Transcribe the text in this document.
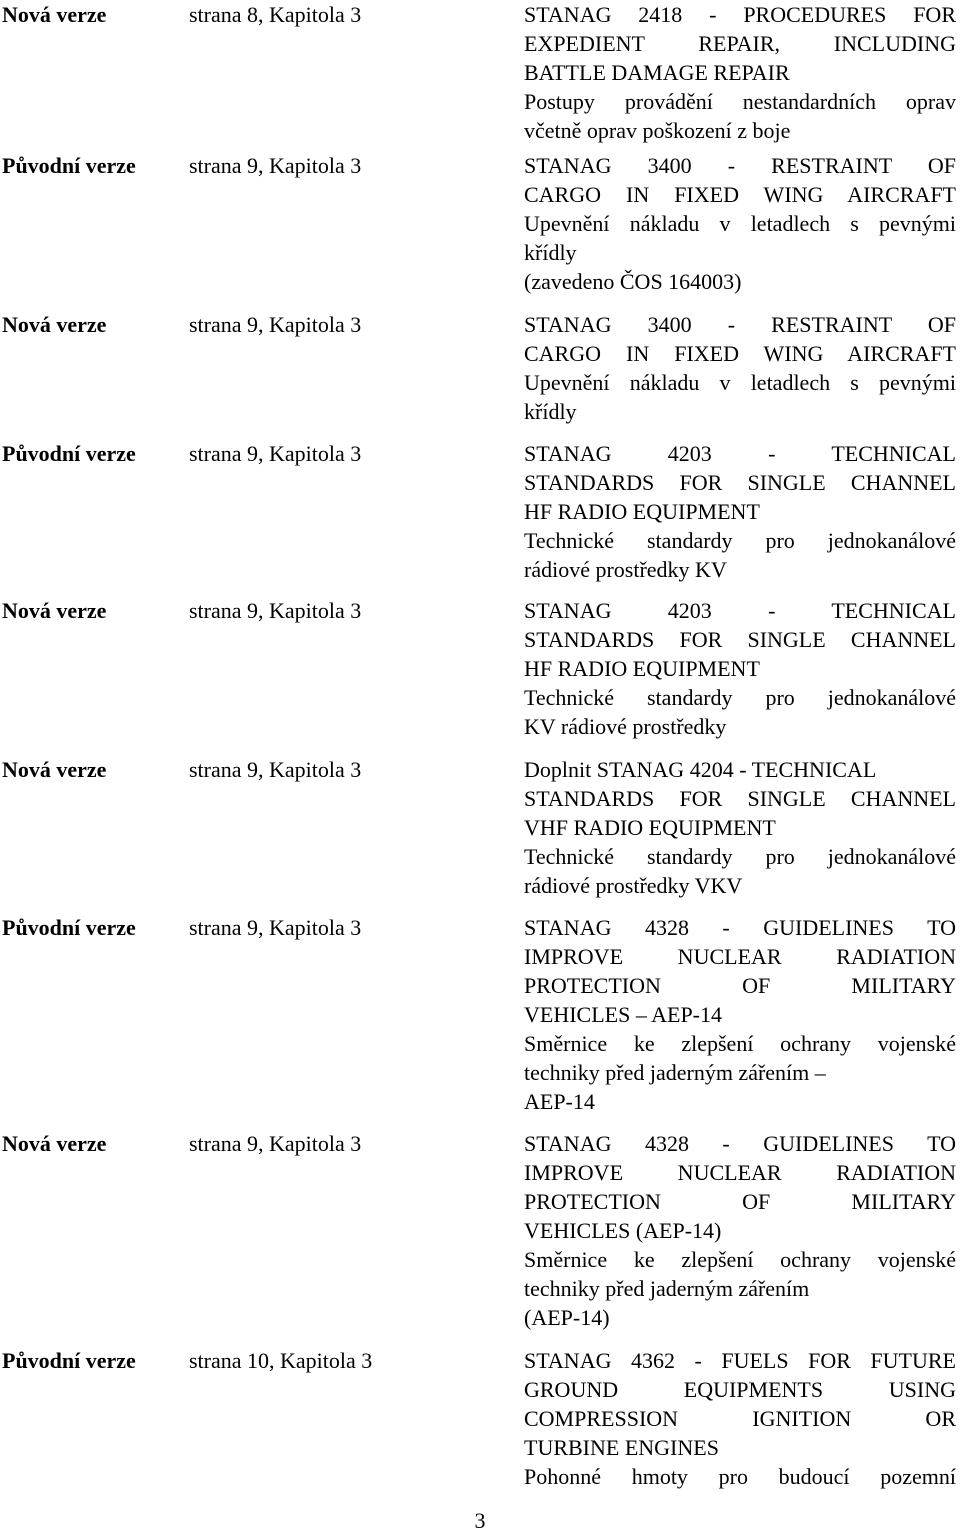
Nová verze	strana 8, Kapitola 3	STANAG 2418 - PROCEDURES FOR
EXPEDIENT REPAIR, INCLUDING
BATTLE DAMAGE REPAIR
Postupy provádění nestandardních oprav
včetně oprav poškození z boje
Původní verze strana 9, Kapitola 3	STANAG 3400 - RESTRAINT OF
CARGO IN FIXED WING AIRCRAFT
Upevnění nákladu v letadlech s pevnými
křídly
(zavedeno ČOS 164003)
Nová verze	strana 9, Kapitola 3	STANAG 3400 - RESTRAINT OF
CARGO IN FIXED WING AIRCRAFT
Upevnění nákladu v letadlech s pevnými
křídly
Původní verze strana 9, Kapitola 3	STANAG 4203 - TECHNICAL
STANDARDS FOR SINGLE CHANNEL
HF RADIO EQUIPMENT
Technické standardy pro jednokanálové
rádiové prostředky KV
Nová verze	strana 9, Kapitola 3	STANAG 4203 - TECHNICAL
STANDARDS FOR SINGLE CHANNEL
HF RADIO EQUIPMENT
Technické standardy pro jednokanálové
KV rádiové prostředky
Nová verze	strana 9, Kapitola 3	Doplnit STANAG 4204 - TECHNICAL
STANDARDS FOR SINGLE CHANNEL
VHF RADIO EQUIPMENT
Technické standardy pro jednokanálové
rádiové prostředky VKV
Původní verze strana 9, Kapitola 3	STANAG 4328 - GUIDELINES TO
IMPROVE NUCLEAR RADIATION
PROTECTION OF MILITARY
VEHICLES – AEP-14
Směrnice ke zlepšení ochrany vojenské
techniky před jaderným zářením –
AEP-14
Nová verze	strana 9, Kapitola 3	STANAG 4328 - GUIDELINES TO
IMPROVE NUCLEAR RADIATION
PROTECTION OF MILITARY
VEHICLES (AEP-14)
Směrnice ke zlepšení ochrany vojenské
techniky před jaderným zářením
(AEP-14)
Původní verze strana 10, Kapitola 3	STANAG 4362 - FUELS FOR FUTURE
GROUND EQUIPMENTS USING
COMPRESSION IGNITION OR
TURBINE ENGINES
Pohonné hmoty pro budoucí pozemní
3
